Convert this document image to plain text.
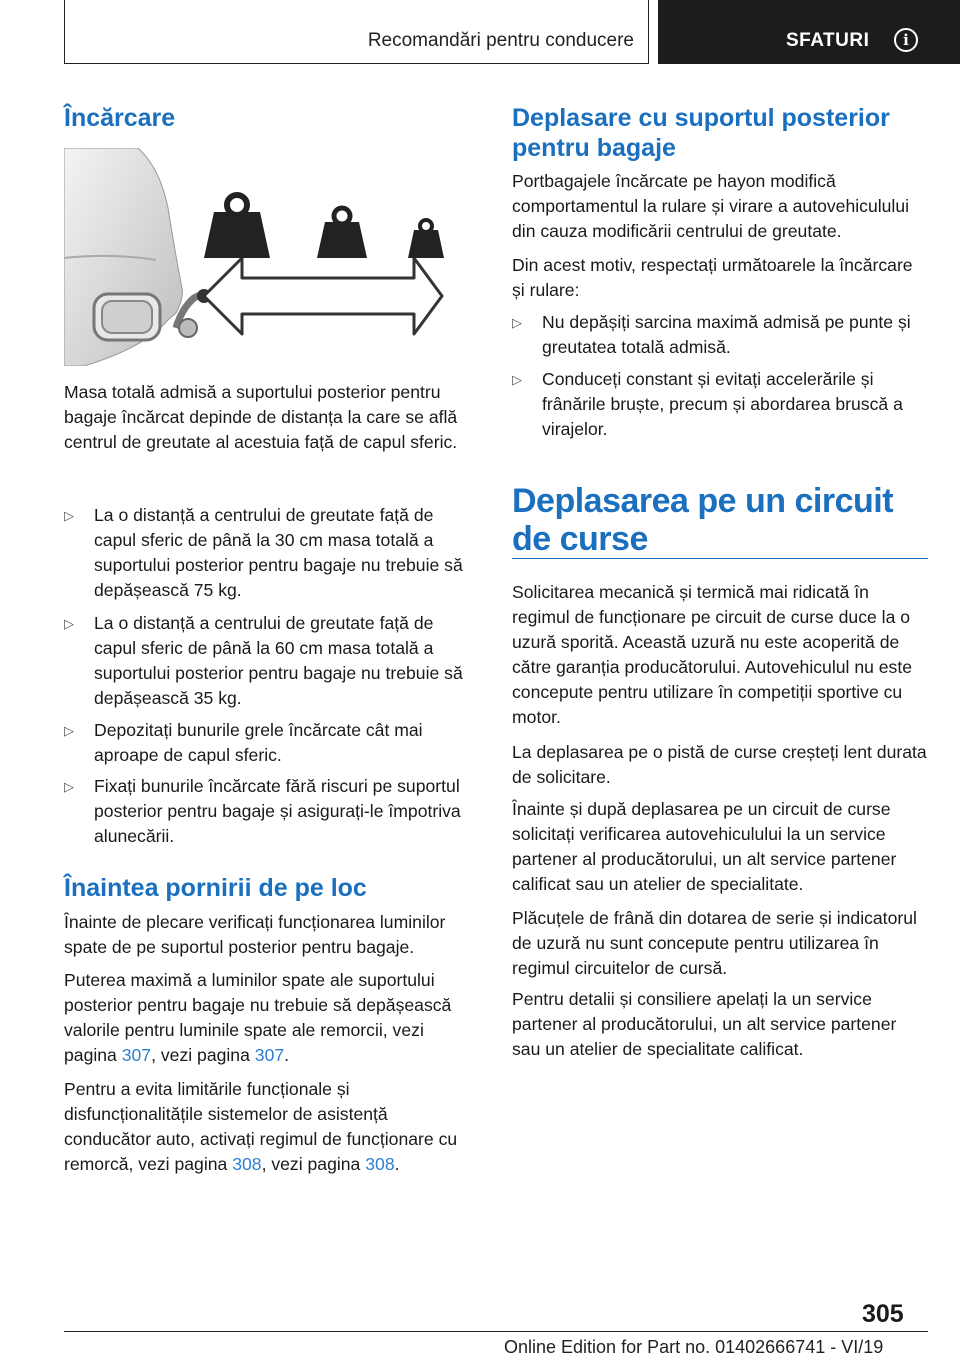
Recomandări pentru conducere	SFATURI	i
Încărcare

Masa totală admisă a suportului posterior pentru bagaje încărcat depinde de distanța la care se află centrul de greutate al acestuia față de capul sferic.

▷ La o distanță a centrului de greutate față de capul sferic de până la 30 cm masa totală a suportului posterior pentru bagaje nu trebuie să depășească 75 kg.
▷ La o distanță a centrului de greutate față de capul sferic de până la 60 cm masa totală a suportului posterior pentru bagaje nu trebuie să depășească 35 kg.
▷ Depozitați bunurile grele încărcate cât mai aproape de capul sferic.
▷ Fixați bunurile încărcate fără riscuri pe suportul posterior pentru bagaje și asigurați-le împotriva alunecării.
Înaintea pornirii de pe loc

Înainte de plecare verificați funcționarea luminilor spate de pe suportul posterior pentru bagaje.

Puterea maximă a luminilor spate ale suportului posterior pentru bagaje nu trebuie să depășească valorile pentru luminile spate ale remorcii, vezi pagina 307, vezi pagina 307.

Pentru a evita limitările funcționale și disfuncționalitățile sistemelor de asistență conducător auto, activați regimul de funcționare cu remorcă, vezi pagina 308, vezi pagina 308.

Deplasare cu suportul posterior pentru bagaje

Portbagajele încărcate pe hayon modifică comportamentul la rulare și virare a autovehiculului din cauza modificării centrului de greutate.

Din acest motiv, respectați următoarele la încărcare și rulare:

▷ Nu depășiți sarcina maximă admisă pe punte și greutatea totală admisă.
▷ Conduceți constant și evitați accelerările și frânările bruște, precum și abordarea bruscă a virajelor.
Deplasarea pe un circuit de curse

Solicitarea mecanică și termică mai ridicată în regimul de funcționare pe circuit de curse duce la o uzură sporită. Această uzură nu este acoperită de către garanția producătorului. Autovehiculul nu este concepute pentru utilizare în competiții sportive cu motor.

La deplasarea pe o pistă de curse creșteți lent durata de solicitare.

Înainte și după deplasarea pe un circuit de curse solicitați verificarea autovehiculului la un service partener al producătorului, un alt service partener calificat sau un atelier de specialitate.

Plăcuțele de frână din dotarea de serie și indicatorul de uzură nu sunt concepute pentru utilizarea în regimul circuitelor de cursă.

Pentru detalii și consiliere apelați la un service partener al producătorului, un alt service partener sau un atelier de specialitate calificat.

305
Online Edition for Part no. 01402666741 - VI/19
